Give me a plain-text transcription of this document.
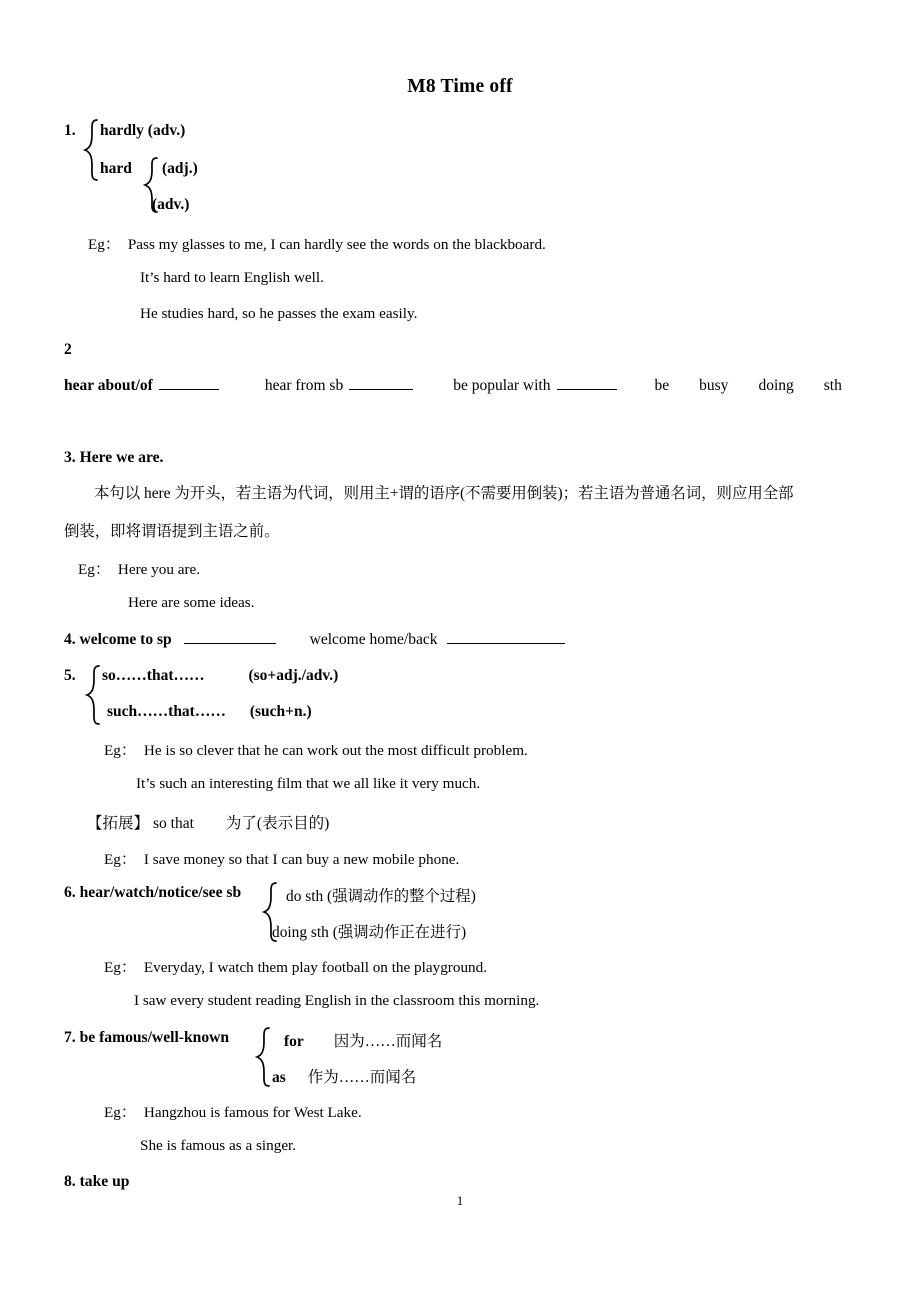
M8 Time off
1. hardly (adv.)
hard (adj.)
(adv.)
Eg： Pass my glasses to me, I can hardly see the words on the blackboard.
It’s hard to learn English well.
He studies hard, so he passes the exam easily.
2
hear about/of	hear from sb	be popular with	be busy doing sth
3. Here we are.
本句以 here 为开头，若主语为代词，则用主+谓的语序(不需要用倒装)；若主语为普通名词，则应用全部
倒装，即将谓语提到主语之前。
Eg： Here you are.
Here are some ideas.
4. welcome to sp	welcome home/back
5. so……that……	(so+adj./adv.)
such……that…… (such+n.)
Eg： He is so clever that he can work out the most difficult problem.
It’s such an interesting film that we all like it very much.
【拓展】 so that 为了(表示目的)
Eg： I save money so that I can buy a new mobile phone.
6. hear/watch/notice/see sb	do sth (强调动作的整个过程)
doing sth (强调动作正在进行)
Eg： Everyday, I watch them play football on the playground.
I saw every student reading English in the classroom this morning.
7. be famous/well-known	for 因为……而闻名
as 作为……而闻名
Eg： Hangzhou is famous for West Lake.
She is famous as a singer.
8. take up
1
